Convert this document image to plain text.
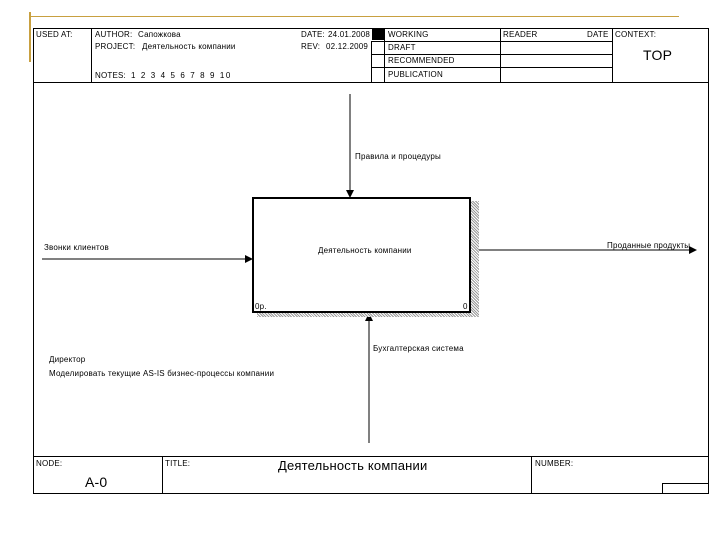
USED AT:	AUTHOR: Сапожкова
PROJECT: Деятельность компании
NOTES: 1 2 3 4 5 6 7 8 9 10
DATE: 24.01.2008
REV: 02.12.2009
WORKING
DRAFT
RECOMMENDED
PUBLICATION
READER	DATE CONTEXT:
TOP
Деятельность компании
0р.	0
Правила и процедуры
Звонки клиентов	Проданные продукты
Бухгалтерская система
Директор
Моделировать текущие AS-IS бизнес-процессы компании
NODE:
A-0
TITLE:	Деятельность компании	NUMBER:
